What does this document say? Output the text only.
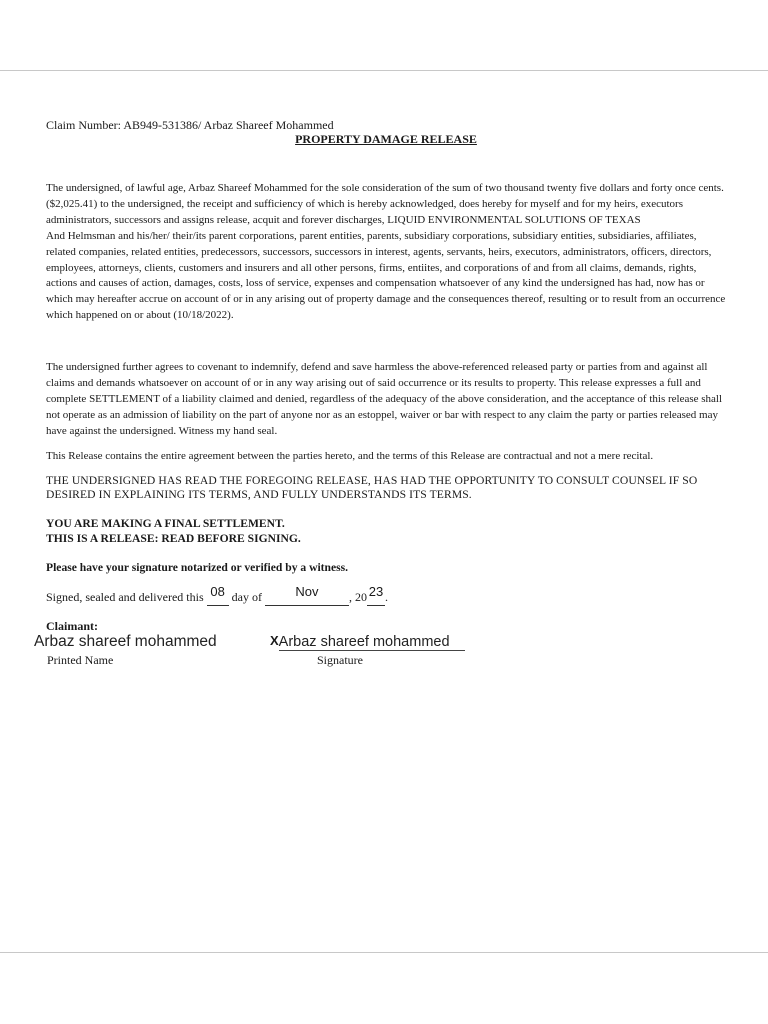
Claim Number: AB949-531386/ Arbaz Shareef Mohammed

PROPERTY DAMAGE RELEASE

The undersigned, of lawful age, Arbaz Shareef Mohammed for the sole consideration of the sum of two thousand twenty five dollars and forty once cents.

($2,025.41) to the undersigned, the receipt and sufficiency of which is hereby acknowledged, does hereby for myself and for my heirs, executors administrators, successors and assigns release, acquit and forever discharges, LIQUID ENVIRONMENTAL SOLUTIONS OF TEXAS

And Helmsman and his/her/ their/its parent corporations, parent entities, parents, subsidiary corporations, subsidiary entities, subsidiaries, affiliates, related companies, related entities, predecessors, successors, successors in interest, agents, servants, heirs, executors, administrators, officers, directors, employees, attorneys, clients, customers and insurers and all other persons, firms, entiites, and corporations of and from all claims, demands, rights, actions and causes of action, damages, costs, loss of service, expenses and compensation whatsoever of any kind the undersigned has had, now has or which may hereafter accrue on account of or in any arising out of property damage and the consequences thereof, resulting or to result from an occurrence which happened on or about (10/18/2022).

The undersigned further agrees to covenant to indemnify, defend and save harmless the above-referenced released party or parties from and against all claims and demands whatsoever on account of or in any way arising out of said occurrence or its results to property. This release expresses a full and complete SETTLEMENT of a liability claimed and denied, regardless of the adequacy of the above consideration, and the acceptance of this release shall not operate as an admission of liability on the part of anyone nor as an estoppel, waiver or bar with respect to any claim the party or parties released may have against the undersigned. Witness my hand seal.

This Release contains the entire agreement between the parties hereto, and the terms of this Release are contractual and not a mere recital.

THE UNDERSIGNED HAS READ THE FOREGOING RELEASE, HAS HAD THE OPPORTUNITY TO CONSULT COUNSEL IF SO DESIRED IN EXPLAINING ITS TERMS, AND FULLY UNDERSTANDS ITS TERMS.

YOU ARE MAKING A FINAL SETTLEMENT.

THIS IS A RELEASE: READ BEFORE SIGNING.

Please have your signature notarized or verified by a witness.

Signed, sealed and delivered this 08 day of Nov	, 20 23 .

Claimant:

Arbaz shareef mohammed
Printed Name
XArbaz shareef mohammed
Signature
